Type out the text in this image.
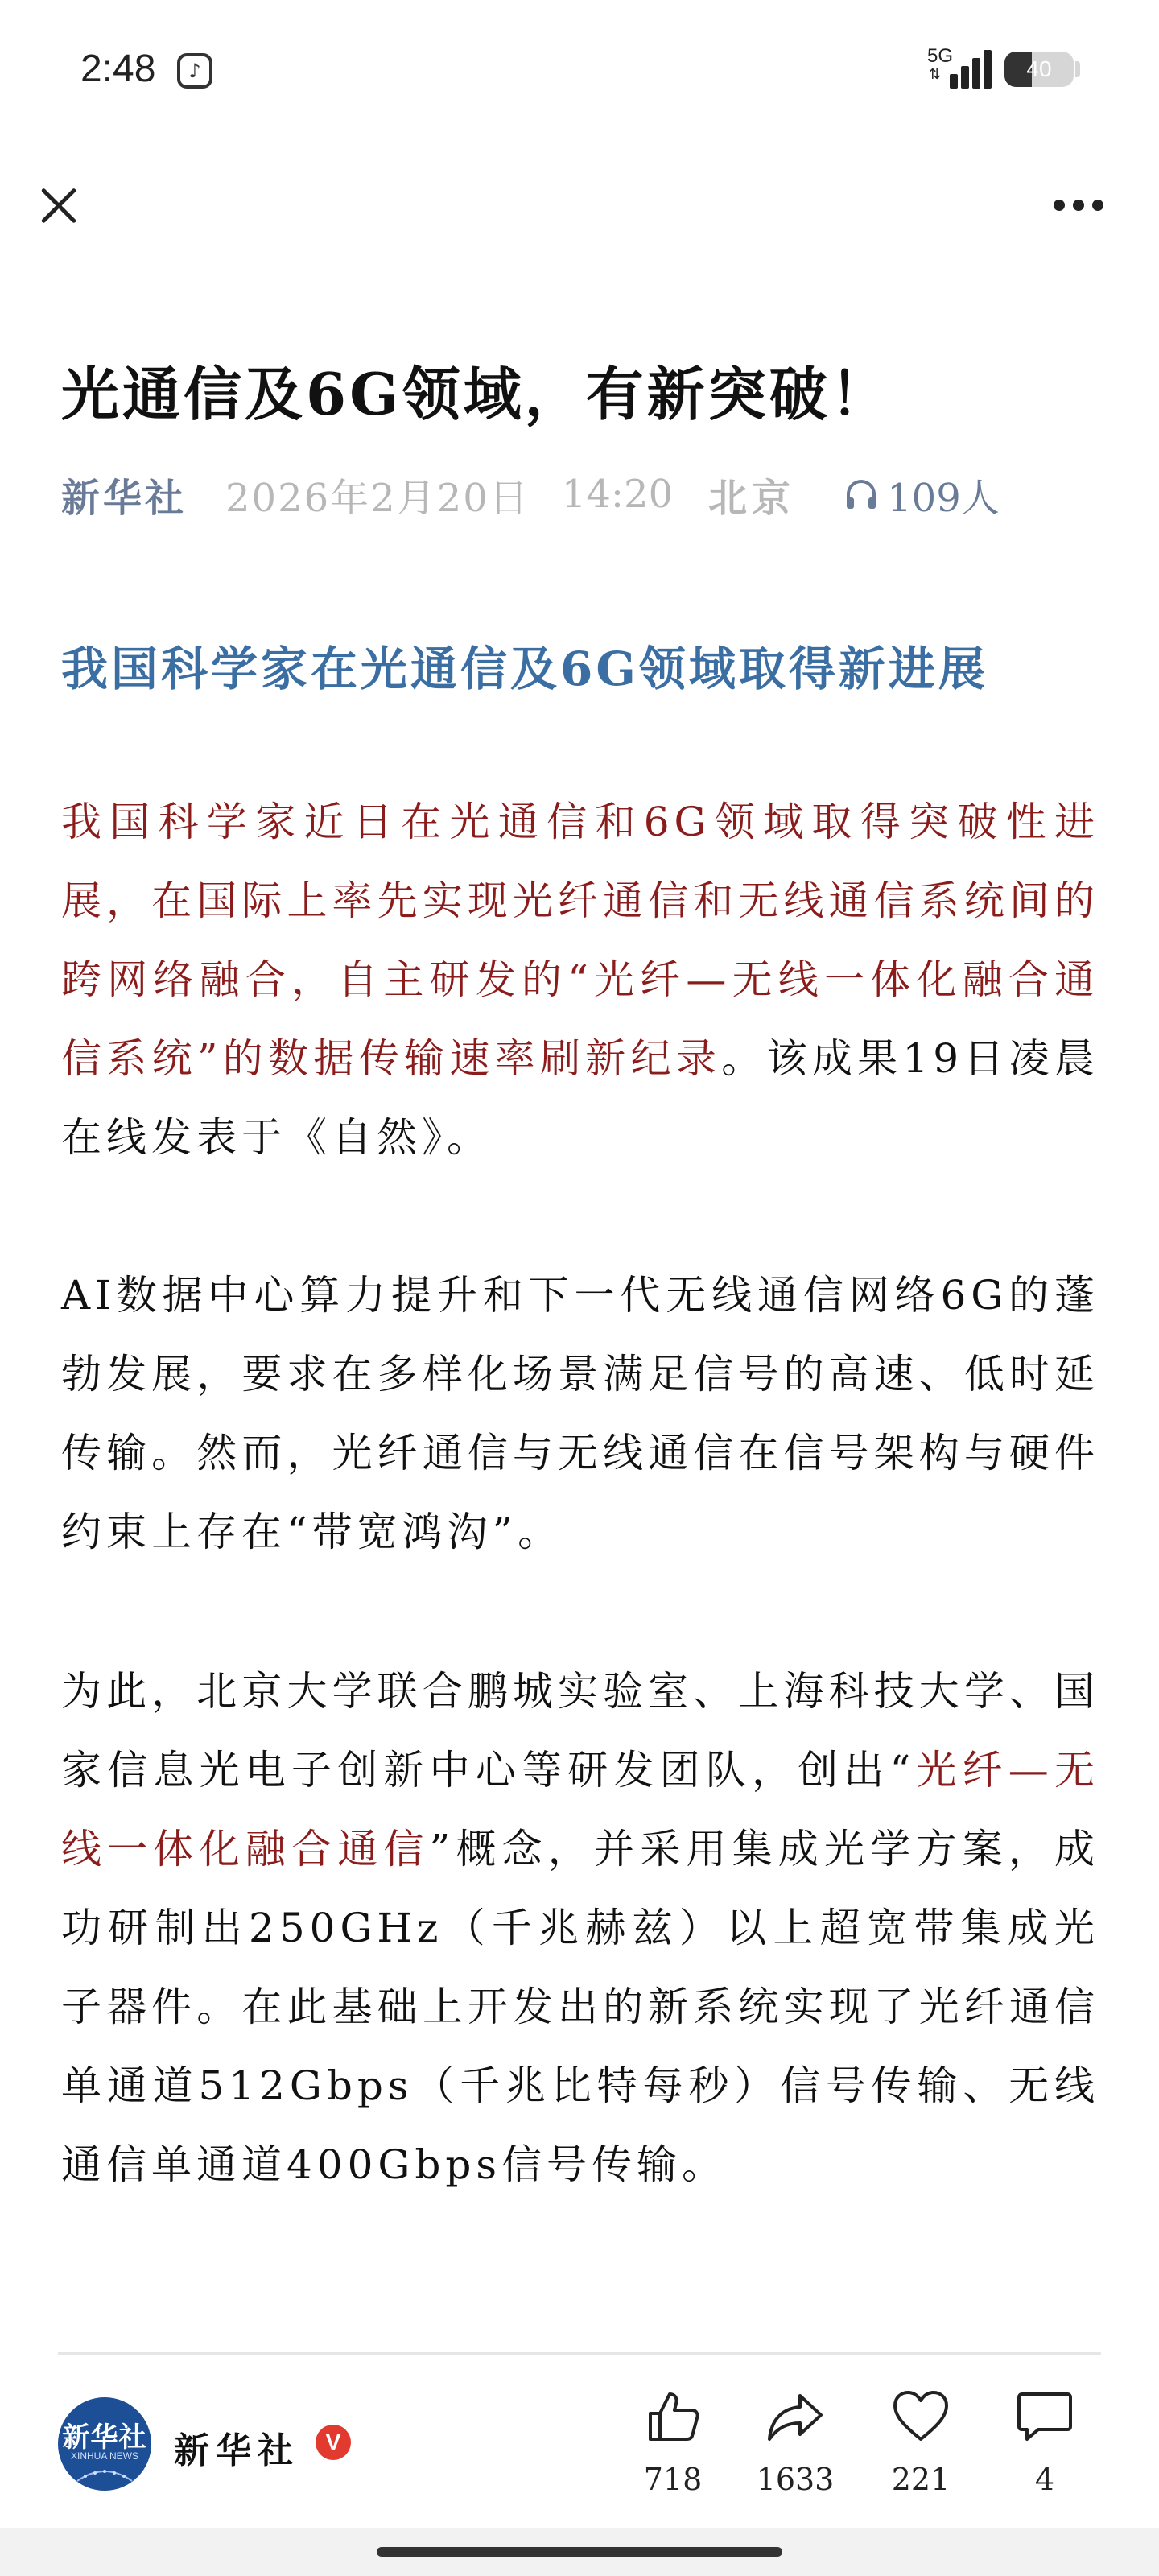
2:48	♪
5G
⇅	40
光通信及6G领域，有新突破！
新华社 2026年2月20日 14:20 北京 109人
我国科学家在光通信及6G领域取得新进展

我国科学家近日在光通信和6G领域取得突破性进展，在国际上率先实现光纤通信和无线通信系统间的跨网络融合，自主研发的“光纤—无线一体化融合通信系统”的数据传输速率刷新纪录。该成果19日凌晨在线发表于《自然》。

AI数据中心算力提升和下一代无线通信网络6G的蓬勃发展，要求在多样化场景满足信号的高速、低时延传输。然而，光纤通信与无线通信在信号架构与硬件约束上存在“带宽鸿沟”。

为此，北京大学联合鹏城实验室、上海科技大学、国家信息光电子创新中心等研发团队，创出“光纤—无线一体化融合通信”概念，并采用集成光学方案，成功研制出250GHz（千兆赫兹）以上超宽带集成光子器件。在此基础上开发出的新系统实现了光纤通信单通道512Gbps（千兆比特每秒）信号传输、无线通信单通道400Gbps信号传输。

新华社
XINHUA NEWS	新华社	V
718 1633 221	4
